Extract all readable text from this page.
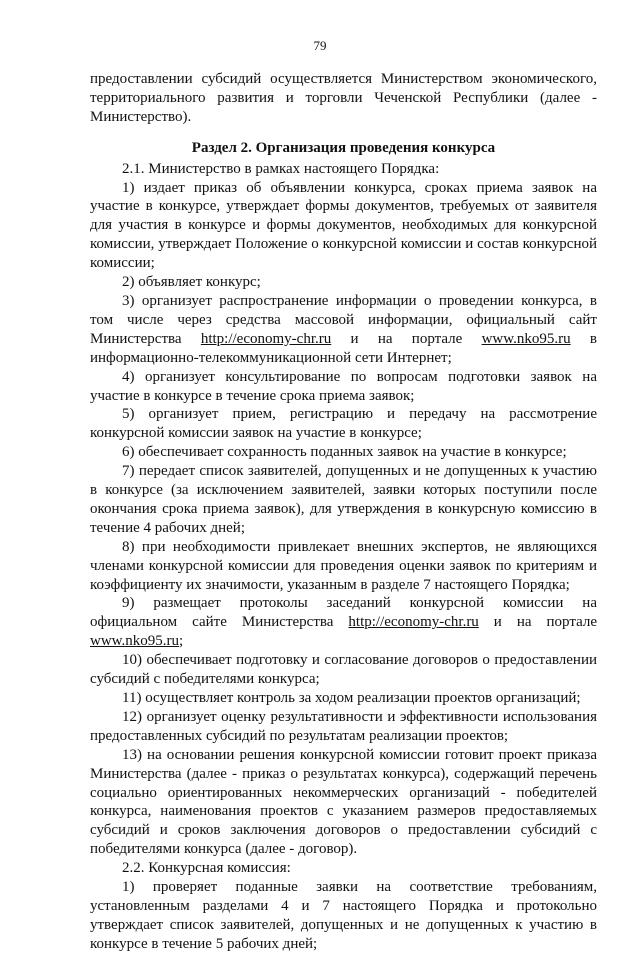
79

предоставлении субсидий осуществляется Министерством экономического, территориального развития и торговли Чеченской Республики (далее - Министерство).

Раздел 2. Организация проведения конкурса

2.1. Министерство в рамках настоящего Порядка:

1) издает приказ об объявлении конкурса, сроках приема заявок на участие в конкурсе, утверждает формы документов, требуемых от заявителя для участия в конкурсе и формы документов, необходимых для конкурсной комиссии, утверждает Положение о конкурсной комиссии и состав конкурсной комиссии;

2) объявляет конкурс;

3) организует распространение информации о проведении конкурса, в том числе через средства массовой информации, официальный сайт Министерства http://economy-chr.ru и на портале www.nko95.ru в информационно-телекоммуникационной сети Интернет;

4) организует консультирование по вопросам подготовки заявок на участие в конкурсе в течение срока приема заявок;

5) организует прием, регистрацию и передачу на рассмотрение конкурсной комиссии заявок на участие в конкурсе;

6) обеспечивает сохранность поданных заявок на участие в конкурсе;

7) передает список заявителей, допущенных и не допущенных к участию в конкурсе (за исключением заявителей, заявки которых поступили после окончания срока приема заявок), для утверждения в конкурсную комиссию в течение 4 рабочих дней;

8) при необходимости привлекает внешних экспертов, не являющихся членами конкурсной комиссии для проведения оценки заявок по критериям и коэффициенту их значимости, указанным в разделе 7 настоящего Порядка;

9) размещает протоколы заседаний конкурсной комиссии на официальном сайте Министерства http://economy-chr.ru и на портале www.nko95.ru;

10) обеспечивает подготовку и согласование договоров о предоставлении субсидий с победителями конкурса;

11) осуществляет контроль за ходом реализации проектов организаций;

12) организует оценку результативности и эффективности использования предоставленных субсидий по результатам реализации проектов;

13) на основании решения конкурсной комиссии готовит проект приказа Министерства (далее - приказ о результатах конкурса), содержащий перечень социально ориентированных некоммерческих организаций - победителей конкурса, наименования проектов с указанием размеров предоставляемых субсидий и сроков заключения договоров о предоставлении субсидий с победителями конкурса (далее - договор).

2.2. Конкурсная комиссия:

1) проверяет поданные заявки на соответствие требованиям, установленным разделами 4 и 7 настоящего Порядка и протокольно утверждает список заявителей, допущенных и не допущенных к участию в конкурсе в течение 5 рабочих дней;
